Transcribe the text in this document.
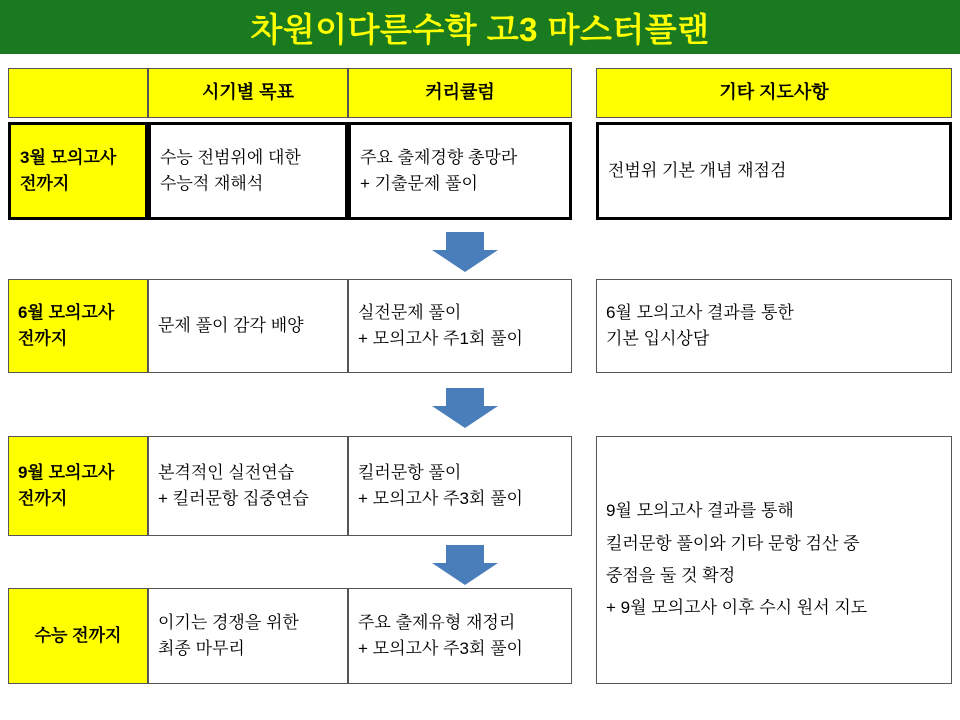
차원이다른수학 고3 마스터플랜
시기별 목표	커리큘럼	기타 지도사항
3월 모의고사
전까지
수능 전범위에 대한
수능적 재해석
주요 출제경향 총망라
+ 기출문제 풀이
전범위 기본 개념 재점검
6월 모의고사
전까지
문제 풀이 감각 배양
실전문제 풀이
+ 모의고사 주1회 풀이
6월 모의고사 결과를 통한
기본 입시상담
9월 모의고사
전까지
본격적인 실전연습
+ 킬러문항 집중연습
킬러문항 풀이
+ 모의고사 주3회 풀이
수능 전까지
이기는 경쟁을 위한
최종 마무리
주요 출제유형 재정리
+ 모의고사 주3회 풀이
9월 모의고사 결과를 통해
킬러문항 풀이와 기타 문항 검산 중
중점을 둘 것 확정
+ 9월 모의고사 이후 수시 원서 지도
